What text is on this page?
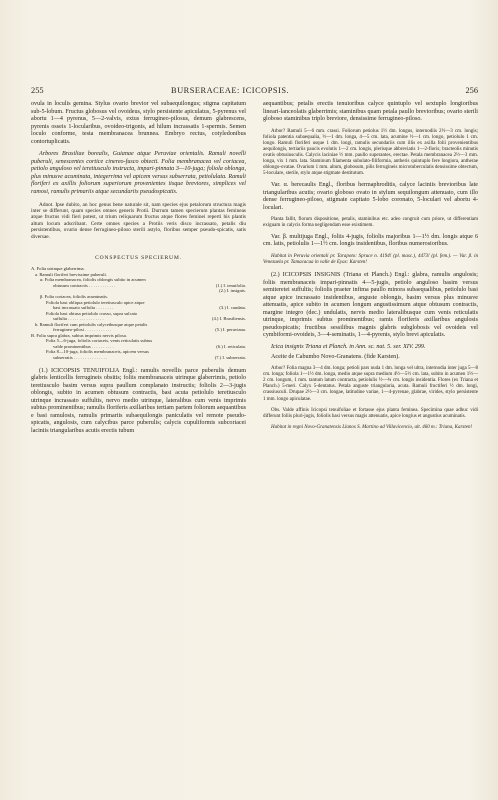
255	BURSERACEAE: ICICOPSIS.	256

ovula in loculis gemina. Stylus ovario brevior vel subaequilongus; stigma capitatum sub-5-lobum. Fructus globosus vel ovoideus, stylo persistente apiculatus, 5-pyrenus vel abortu 1—4 pyrenus, 5—2-valvis, extus ferrugineo-pilosus, demum glabrescens, pyrenis osseis 1-locularibus, ovoideo-trigonis, ad hilum incrassatis 1-spermis. Semen loculo conforme, testa membranacea brunnea. Embryo rectus, cotyledonibus contortuplicatis.

Arbores Brasiliae borealis, Guianae atque Peruviae orientalis. Ramuli novelli puberuli, senescentes cortice cinereo-fusco obtecti. Folia membranacea vel coriacea, petiolo anguloso vel teretiusculo instructa, impari-pinnata 3—10-juga; foliola oblonga, plus minusve acuminata, integerrima vel apicem versus subserrata, petiolulata. Ramuli floriferi ex axillis foliorum superiorum provenientes iisque breviores, simplices vel ramosi, ramulis primariis atque secundariis pseudospicatis.

Adnot. Ipse dubito, an hoc genus bene naturale sit, nam species ejus petalorum structura magis inter se differunt, quam species omnes generis Protii. Durrum tamen specierum plantas femineas atque fructus vidi fieri potest, ut trium reliquarum fructus atque flores feminei reperti his plantis altum locum adscribant. Certe omnes species a Protiis veris disco incrassato, petalis diu persistentibus, ovario dense ferrugineo-piloso sterili astylo, floribus semper pseudo-spicatis, satis diversae.

CONSPECTUS SPECIERUM.

A. Folia utrinque glaberrima.
a. Ramuli floriferi brevissime puberuli.
α. Folia membranacea, foliolis oblongis subito in acumen
obtusum contractis . . . . . . . . . . . .	(1.) I. tenuifolia.
(2.) I. insignis.
β. Folia coriacea, foliolis acuminatis.
Foliola basi obliqua petiolulo teretiusculo apice atque
basi incrassato suffulta . . . . . . . .	(3.) I. caudata.
Foliola basi obtusa petiolulo crasso, supra sulcato
suffulta . . . . . . . . . . . . . . . .	(4.) I. Brasiliensis.
b. Ramuli floriferi cum petiolulis calyceibusque atque petalis
ferrugineo-pilosi . . . . . . . . . . . .	(5.) I. peruviana.
B. Folia supra glabra, subtus imprimis nervis pilosa.
Folia 5—6-juga, foliolis coriaceis, venis reticulatis subtus
valde prominentibus . . . . . . . . . .	(6.) I. reticulata.
Folia 8—10-juga, foliolis membranaceis, apicem versus
subserratis . . . . . . . . . . . . . . .	(7.) I. subserrata.

(1.) ICICOPSIS TENUIFOLIA Engl.: ramulis novellis parce puberulis demum glabris lenticellis ferrugineis obsitis; foliis membranaceis utrinque glaberrimis, petiolo teretiusculo basim versus supra paullum complanato instructis; foliolis 2—3-jugis oblongis, subito in acumen obtusum contractis, basi acuta petiolulo teretiusculo utrinque incrassato suffultis, nervo medio utrinque, lateralibus cum venis imprimis subtus prominentibus; ramulis floriferis axillaribus tertiam partem foliorum aequantibus e basi ramulosis, ramulis primariis subaequilongis paniculatis vel remote pseudo-spicatis, angulosis, cum calycibus parce puberulis; calycis cupuliformis subcoriacei laciniis triangularibus acutis erectis tubum

aequantibus; petalis erectis tenuioribus calyce quintuplo vel sextuplo longioribus lineari-lanceolatis glaberrimis; staminibus quam petala paullo brevioribus; ovario sterili globoso staminibus triplo breviore, densissime ferrugineo-piloso.

Arbor? Ramuli 5—6 mm. crassi. Foliorum petiolus 1½ dm. longus, internodiis 2½—3 cm. longis; foliola patentia subaequalia, ½—1 dm. longa, 4—5 cm. lata, acumine ½—1 cm. longo, petiolulo 1 cm. longo. Ramuli floriferi usque 1 dm. longi, ramulis secundariis cum illis ex axilla folii provenientibus aequilongis, tertiariis paucis evolutis 1—2 cm. longis, plerisque abbreviatis 1—2-floris; bracteolis minutis ovatis obtusiusculis. Calycis laciniae ½ mm. paullo superantes, erectae. Petala membranacea 2½—3 mm. longa, vix 1 mm. lata. Staminum filamenta subulato-filiformia, antheris quintuplo fere longiora, antherae oblongo-ovatae. Ovarium 1 mm. altum, globosum, pilis ferrugineis microtuberculatis densissime obtectum, 5-loculare, sterile, stylo atque stigmate destitutum.

Var. α. berecaulis Engl., floribus hermaphroditis, calyce laciniis brevioribus late triangularibus acutis; ovario globoso ovato in stylum sequilongum attenuato, cum illo dense ferrugineo-piloso, stigmate capitato 5-lobo coronato, 5-loculari vel abortu 4-loculari.

Planta fallit, florum dispositione, petalis, staminibus etc. adeo congruit cum priore, ut differentiam exiguam in calycis forma negligendam esse existimem.

Var. β. multijuga Engl., foliis 4-jugis, foliolis majoribus 1—1½ dm. longis atque 6 cm. latis, petiolulis 1—1½ cm. longis insidentibus, floribus numerosioribus.

Habitat in Peruvia orientali pr. Tarapoto: Spruce n. 4194! (pl. masc.), 4473! (pl. fem.). — Var. β. in Venezuela pr. Tamacacua in valle de Eyas: Karsten!

(2.) ICICOPSIS INSIGNIS (Triana et Planch.) Engl.: glabra, ramulis angulosis; foliis membranaceis impari-pinnatis 4—5-jugis, petiolo anguloso basim versus semiteretei suffultis; foliolis praeter infima paullo minora subaequalibus, petiolulo basi atque apice incrassato insidentibus, anguste oblongis, basim versus plus minusve attenuatis, apice subito in acumen longum angustissimum atque obtusum contractis, margine integro (dec.) undulatis, nervis medio lateralibusque cum venis reticulatis utrinque, imprimis subtus prominentibus; ramis floriferis axillaribus angulosis pseudospicatis; fructibus sessilibus magnis glabris subglobosis vel ovoideis vel cymbiformi-ovoideis, 3—4-seminatis, 1—4-pyrenis, stylo brevi apiculatis.

Icica insignis Triana et Planch. in Ann. sc. nat. 5. ser. XIV. 299.

Aceite de Cabumbo Novo-Granatens. (fide Karsten).

Arbor? Folia magna 3—4 dm. longa; petioli pars nuda 1 dm. longa vel ultra, internodia inter juga 5—8 cm. longa; foliola 1—1½ dm. longa, medio atque supra medium 4½—5½ cm. lata, subito in acumen 1½—2 cm. longum, 1 mm. tantum latum contracta, petiolulis ½—¾ cm. longis insidentia. Flores (ex Triana et Planch.) 5-meri. Calyx 5-dentatus. Petala anguste triangularia, acuta. Ramuli fructiferi ½ dm. longi, crassiusculi. Drupae 2½—3 cm. longae, latitudine variae, 1—4-pyrenae, glabrae, virides, stylo persistente 1 mm. longo apiculatae.

Obs. Valde affinis Icicopsi tenuifoliae et fortasse ejus planta feminea. Specimina quae adhuc vidi differunt foliis pluri-jugis, foliolis basi versus magis attenuatis, apice longius et angustius acuminatis.

Habitat in regni Novo-Granatensis Llanos S. Martino ad Villavicencio, alt. 460 m.: Triana, Karsten!
